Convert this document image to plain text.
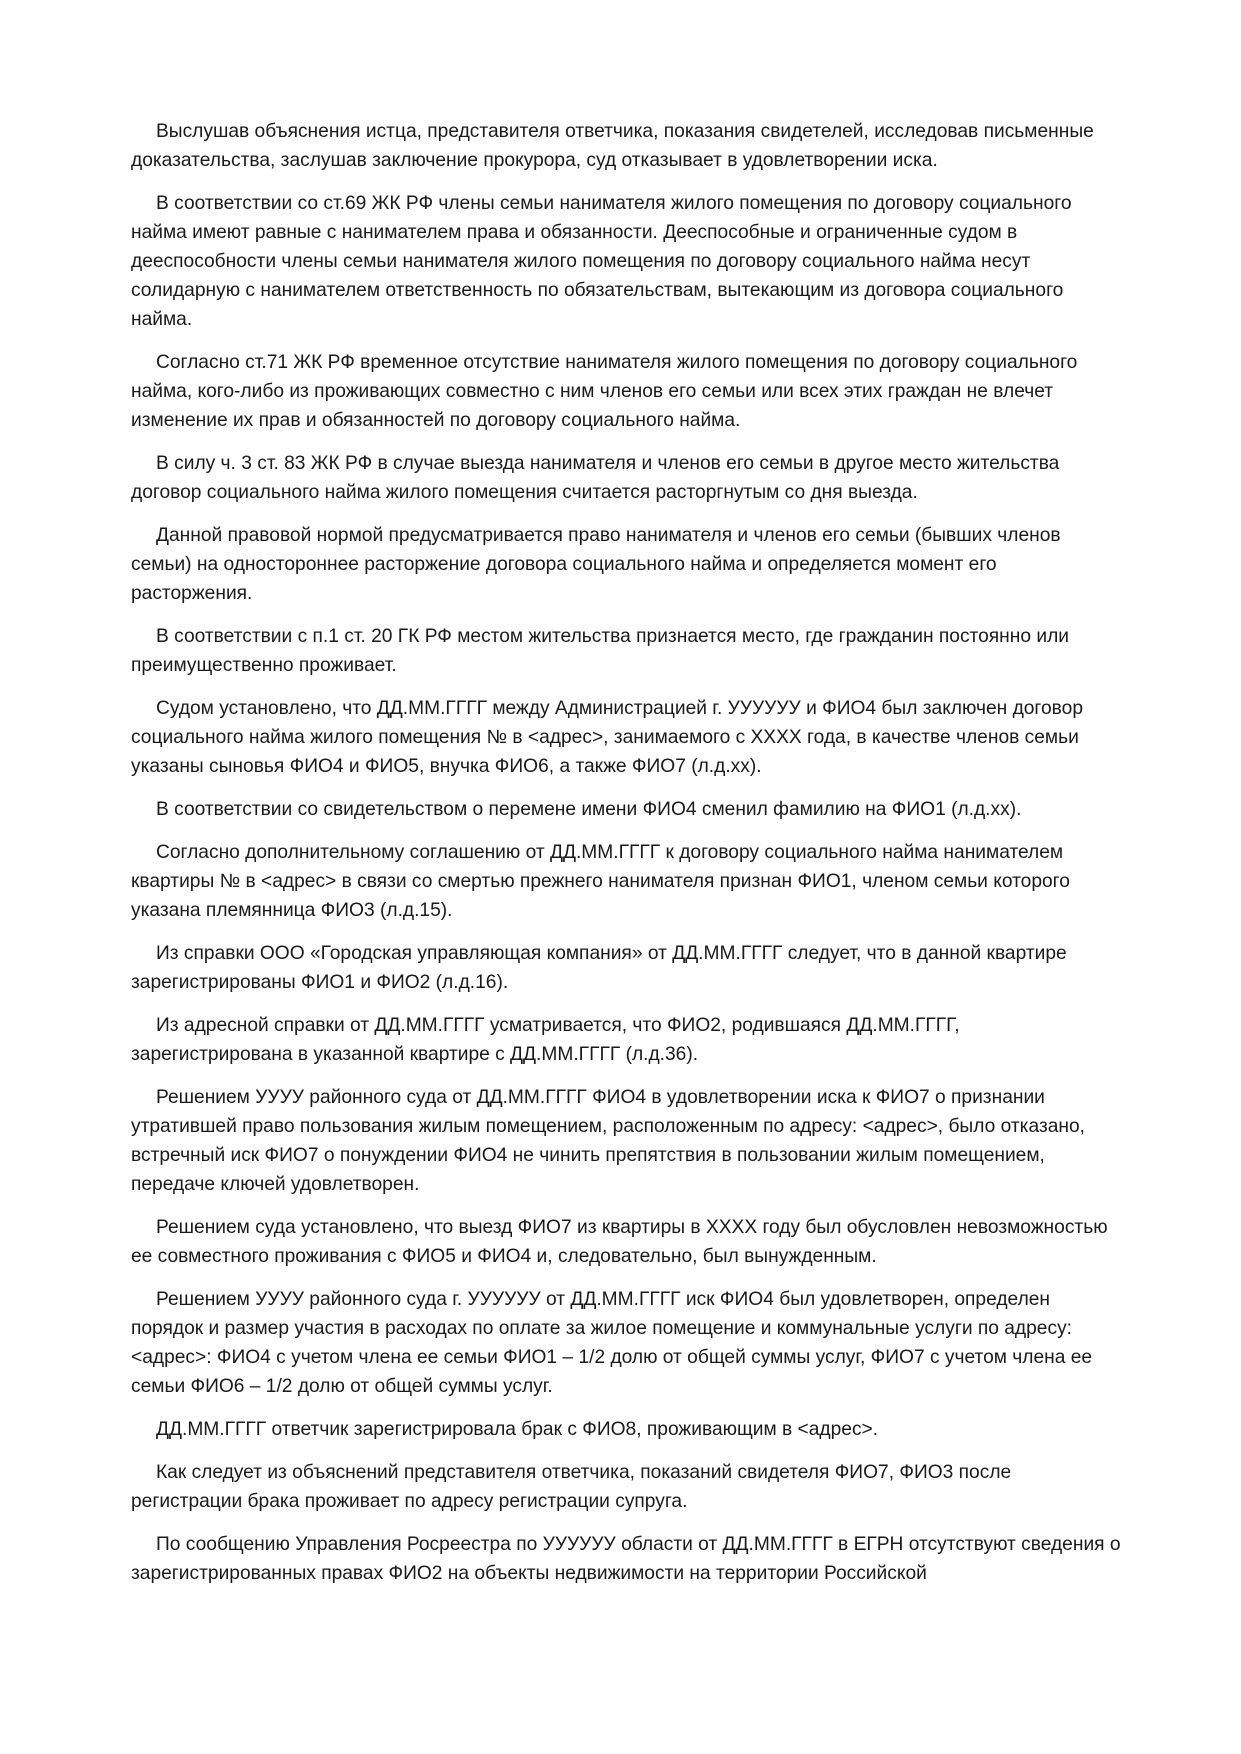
Выслушав объяснения истца, представителя ответчика, показания свидетелей, исследовав письменные доказательства, заслушав заключение прокурора, суд отказывает в удовлетворении иска.

В соответствии со ст.69 ЖК РФ члены семьи нанимателя жилого помещения по договору социального найма имеют равные с нанимателем права и обязанности. Дееспособные и ограниченные судом в дееспособности члены семьи нанимателя жилого помещения по договору социального найма несут солидарную с нанимателем ответственность по обязательствам, вытекающим из договора социального найма.

Согласно ст.71 ЖК РФ временное отсутствие нанимателя жилого помещения по договору социального найма, кого-либо из проживающих совместно с ним членов его семьи или всех этих граждан не влечет изменение их прав и обязанностей по договору социального найма.

В силу ч. 3 ст. 83 ЖК РФ в случае выезда нанимателя и членов его семьи в другое место жительства договор социального найма жилого помещения считается расторгнутым со дня выезда.

Данной правовой нормой предусматривается право нанимателя и членов его семьи (бывших членов семьи) на одностороннее расторжение договора социального найма и определяется момент его расторжения.

В соответствии с п.1 ст. 20 ГК РФ местом жительства признается место, где гражданин постоянно или преимущественно проживает.

Судом установлено, что ДД.ММ.ГГГГ между Администрацией г. УУУУУУ и ФИО4 был заключен договор социального найма жилого помещения № в <адрес>, занимаемого с ХХХХ года, в качестве членов семьи указаны сыновья ФИО4 и ФИО5, внучка ФИО6, а также ФИО7 (л.д.хх).

В соответствии со свидетельством о перемене имени ФИО4 сменил фамилию на ФИО1 (л.д.хх).

Согласно дополнительному соглашению от ДД.ММ.ГГГГ к договору социального найма нанимателем квартиры № в <адрес> в связи со смертью прежнего нанимателя признан ФИО1, членом семьи которого указана племянница ФИО3 (л.д.15).

Из справки ООО «Городская управляющая компания» от ДД.ММ.ГГГГ следует, что в данной квартире зарегистрированы ФИО1 и ФИО2 (л.д.16).

Из адресной справки от ДД.ММ.ГГГГ усматривается, что ФИО2, родившаяся ДД.ММ.ГГГГ, зарегистрирована в указанной квартире с ДД.ММ.ГГГГ (л.д.36).

Решением УУУУ районного суда от ДД.ММ.ГГГГ ФИО4 в удовлетворении иска к ФИО7 о признании утратившей право пользования жилым помещением, расположенным по адресу: <адрес>, было отказано, встречный иск ФИО7 о понуждении ФИО4 не чинить препятствия в пользовании жилым помещением, передаче ключей удовлетворен.

Решением суда установлено, что выезд ФИО7 из квартиры в ХХХХ году был обусловлен невозможностью ее совместного проживания с ФИО5 и ФИО4 и, следовательно, был вынужденным.

Решением УУУУ районного суда г. УУУУУУ от ДД.ММ.ГГГГ иск ФИО4 был удовлетворен, определен порядок и размер участия в расходах по оплате за жилое помещение и коммунальные услуги по адресу: <адрес>: ФИО4 с учетом члена ее семьи ФИО1 – 1/2 долю от общей суммы услуг, ФИО7 с учетом члена ее семьи ФИО6 – 1/2 долю от общей суммы услуг.

ДД.ММ.ГГГГ ответчик зарегистрировала брак с ФИО8, проживающим в <адрес>.

Как следует из объяснений представителя ответчика, показаний свидетеля ФИО7, ФИО3 после регистрации брака проживает по адресу регистрации супруга.

По сообщению Управления Росреестра по УУУУУУ области от ДД.ММ.ГГГГ в ЕГРН отсутствуют сведения о зарегистрированных правах ФИО2 на объекты недвижимости на территории Российской
